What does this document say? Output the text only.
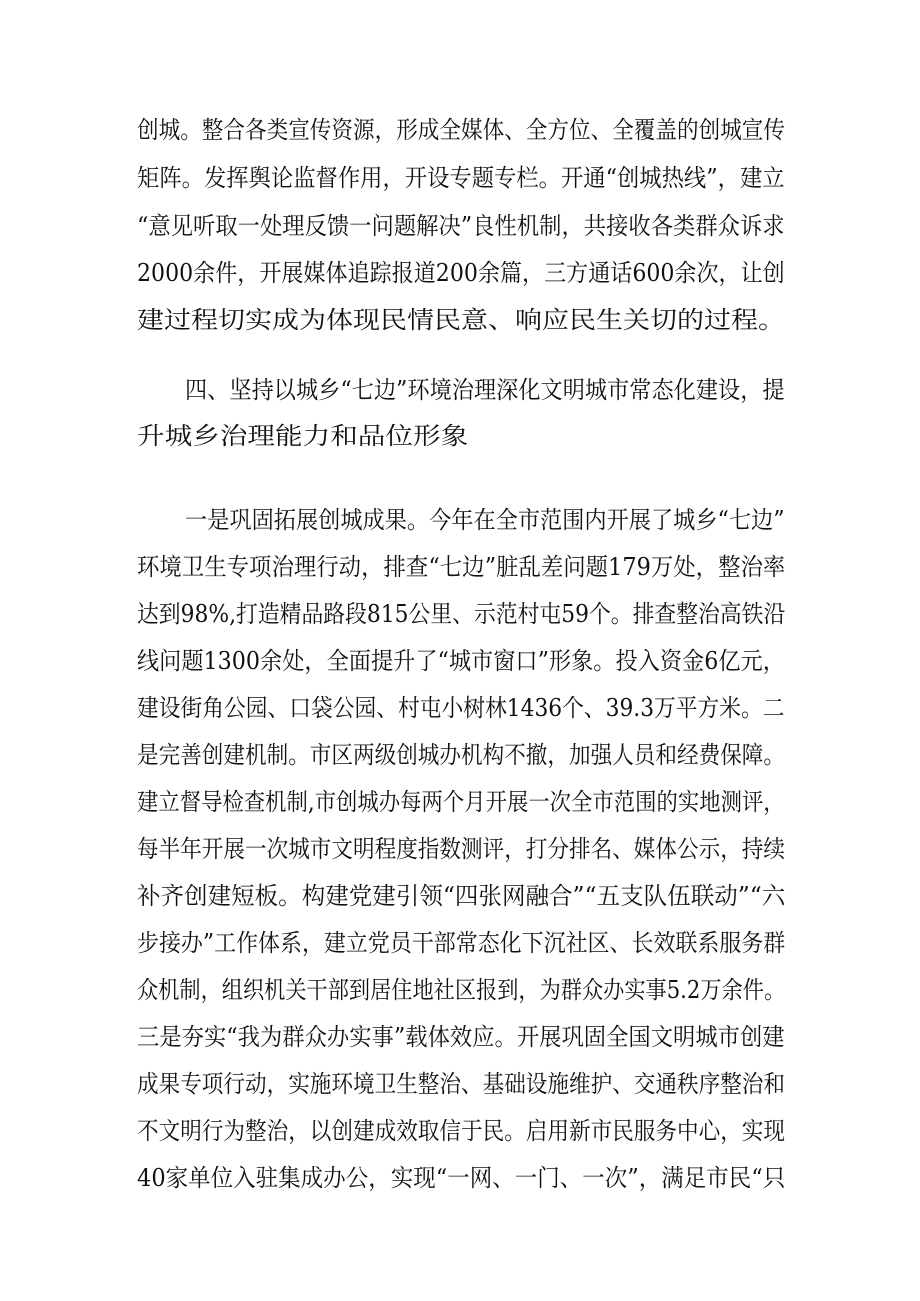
创城。整合各类宣传资源，形成全媒体、全方位、全覆盖的创城宣传
矩阵。发挥舆论监督作用，开设专题专栏。开通“创城热线”，建立
“意见听取一处理反馈一问题解决”良性机制，共接收各类群众诉求
2000余件，开展媒体追踪报道200余篇，三方通话600余次，让创
建过程切实成为体现民情民意、响应民生关切的过程。
四、坚持以城乡“七边”环境治理深化文明城市常态化建设，提
升城乡治理能力和品位形象
一是巩固拓展创城成果。今年在全市范围内开展了城乡“七边”
环境卫生专项治理行动，排查“七边”脏乱差问题179万处，整治率
达到98%,打造精品路段815公里、示范村屯59个。排查整治高铁沿
线问题1300余处，全面提升了“城市窗口”形象。投入资金6亿元，
建设街角公园、口袋公园、村屯小树林1436个、39.3万平方米。二
是完善创建机制。市区两级创城办机构不撤，加强人员和经费保障。
建立督导检查机制,市创城办每两个月开展一次全市范围的实地测评，
每半年开展一次城市文明程度指数测评，打分排名、媒体公示，持续
补齐创建短板。构建党建引领“四张网融合”“五支队伍联动”“六
步接办”工作体系，建立党员干部常态化下沉社区、长效联系服务群
众机制，组织机关干部到居住地社区报到，为群众办实事5.2万余件。
三是夯实“我为群众办实事”载体效应。开展巩固全国文明城市创建
成果专项行动，实施环境卫生整治、基础设施维护、交通秩序整治和
不文明行为整治，以创建成效取信于民。启用新市民服务中心，实现
40家单位入驻集成办公，实现“一网、一门、一次”，满足市民“只
